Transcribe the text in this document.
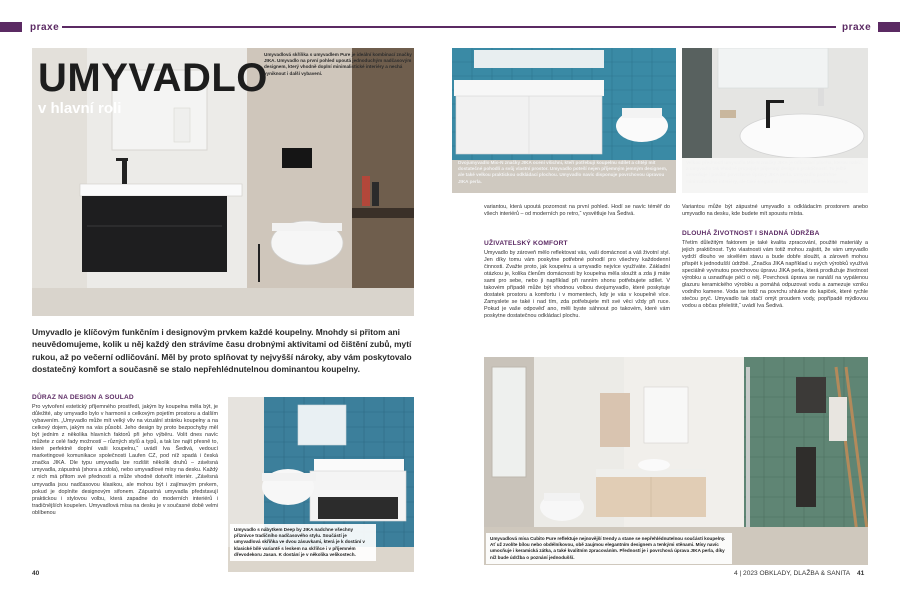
praxe	praxe
UMYVADLO
v hlavní roli
Umyvadlová skříňka s umyvadlem Pure je ideální kombinací značky JIKA. Umyvadlo na první pohled upoutá jednoduchým nadčasovým designem, který vhodně doplní minimalistické interiéry a nechá vyniknout i další vybavení.
Umyvadlo je klíčovým funkčním i designovým prvkem každé koupelny. Mnohdy si přitom ani neuvědomujeme, kolik u něj každý den strávíme času drobnými aktivitami od čištění zubů, mytí rukou, až po večerní odličování. Měl by proto splňovat ty nejvyšší nároky, aby vám poskytovalo dostatečný komfort a současně se stalo nepřehlédnutelnou dominantou koupelny.
DŮRAZ NA DESIGN A SOULAD

Pro vytvoření estetický příjemného prostředí, jakým by koupelna měla být, je důležité, aby umyvadlo bylo v harmonii s celkovým pojetím prostoru a dalším vybavením. „Umyvadlo může mít velký vliv na vizuální stránku koupelny a na celkový dojem, jakým na vás působí. Jeho design by proto bezpochyby měl být jedním z několika hlavních faktorů při jeho výběru. Volit dnes navíc můžete z celé řady možností – různých stylů a typů, a tak lze najít přesně to, které perfektně doplní vaši koupelnu,“ uvádí Iva Šedivá, vedoucí marketingové komunikace společnosti Laufen CZ, pod níž spadá i česká značka JIKA. Dle typu umyvadla lze rozlišit několik druhů – závěsná umyvadla, zápustná (shora a zdola), nebo umyvadlové mísy na desku. Každý z nich má přitom své přednosti a může vhodně dotvořit interiér. „Závěsná umyvadla jsou nadčasovou klasikou, ale mohou být i zajímavým prvkem, pokud je doplníte designovým sifonem. Zápustná umyvadla představují praktickou i stylovou volbu, která zapadne do moderních interiérů i tradičnějších koupelen. Umyvadlová mísa na desku je v současné době velmi oblíbenou

Umyvadlo s nábytkem Deep by JIKA nadchne všechny příznivce tradičního nadčasového stylu. Součástí je umyvadlová skříňka ve dvou zásuvkami, která je k dostání v klasické bílé variantě s leskem na skříňce i v příjemném dřevodekoru Jasan. K dostání je v několika velikostech.
Dvojumyvadlo Mio-N značky JIKA ocení všichni, kteří potřebují koupelnu sdílet a chtějí mít dostatečné pohodlí a svůj vlastní prostor. Umyvadlo poteší nejen příjemným jemným designem, ale také velkou praktickou odkládací plochou. Umyvadlo navíc disponuje povrchovou úpravou JIKA perla.
Velkou předností umyvadla Mio-N značky JIKA je odkládací plocha, kterou nabízí, a umyvadlo tak vhodně propojuje příjemný design s praktičností. To ještě umocňuje i použití povrchové úpravy JIKA perla. Umyvadlo podtrhne minimalistické interiéry, ale také elegantní i romantičtější laděné koupelny.

variantou, která upoutá pozornost na první pohled. Hodí se navíc téměř do všech interiérů – od moderních po retro,“ vysvětluje Iva Šedivá.

UŽIVATELSKÝ KOMFORT

Umyvadlo by zároveň mělo reflektovat vás, vaši domácnost a váš životní styl. Jen díky tomu vám poskytne potřebné pohodlí pro všechny každodenní činnosti. Zvažte proto, jak koupelnu a umyvadlo nejvíce využíváte. Základní otázkou je, kolika členům domácnosti by koupelna měla sloužit a zda ji máte sami pro sebe, nebo ji například při ranním shonu potřebujete sdílet. V takovém případě může být vhodnou volbou dvojumyvadlo, které poskytuje dostatek prostoru a komfortu i v momentech, kdy je vás v koupelně více. Zamyslete se také i nad tím, zda potřebujete mít své věci vždy při ruce. Pokud je vaše odpověď ano, měli byste sáhnout po takovém, které vám poskytne dostatečnou odkládací plochu.

Variantou může být zápustné umyvadlo s odkládacím prostorem anebo umyvadlo na desku, kde budete mít spoustu místa.

DLOUHÁ ŽIVOTNOST I SNADNÁ ÚDRŽBA

Třetím důležitým faktorem je také kvalita zpracování, použité materiály a jejich praktičnost. Tyto vlastnosti vám totiž mohou zajistit, že vám umyvadlo vydrží dlouho ve skvělém stavu a bude dobře sloužit, a zároveň mohou přispět k jednodušší údržbě. „Značka JIKA například u svých výrobků využívá speciálně vyvinutou povrchovou úpravu JIKA perla, která prodlužuje životnost výrobku a usnadňuje péči o něj. Povrchová úprava se nanáší na vypálenou glazuru keramického výrobku a pomáhá odpuzovat vodu a zamezuje vzniku vodního kamene. Voda se totiž na povrchu shlukne do kapiček, které rychle stečou pryč. Umyvadlo tak stačí omýt proudem vody, popřípadě mýdlovou vodou a občas přeleštit,“ uvádí Iva Šedivá.

Umyvadlová mísa Cubito Pure reflektuje nejnovější trendy a stane se nepřehlédnutelnou součástí koupelny. Ať už zvolíte bílou nebo obdélníkovou, obě zaujmou elegantním designem a tenkými stěnami. Mísy navíc umocňuje i keramická zátka, a také kvalitním zpracováním. Předností je i povrchová úprava JIKA perla, díky níž bude údržba o poznání jednodušší.
40	4 | 2023 OBKLADY, DLAŽBA & SANITA 41
